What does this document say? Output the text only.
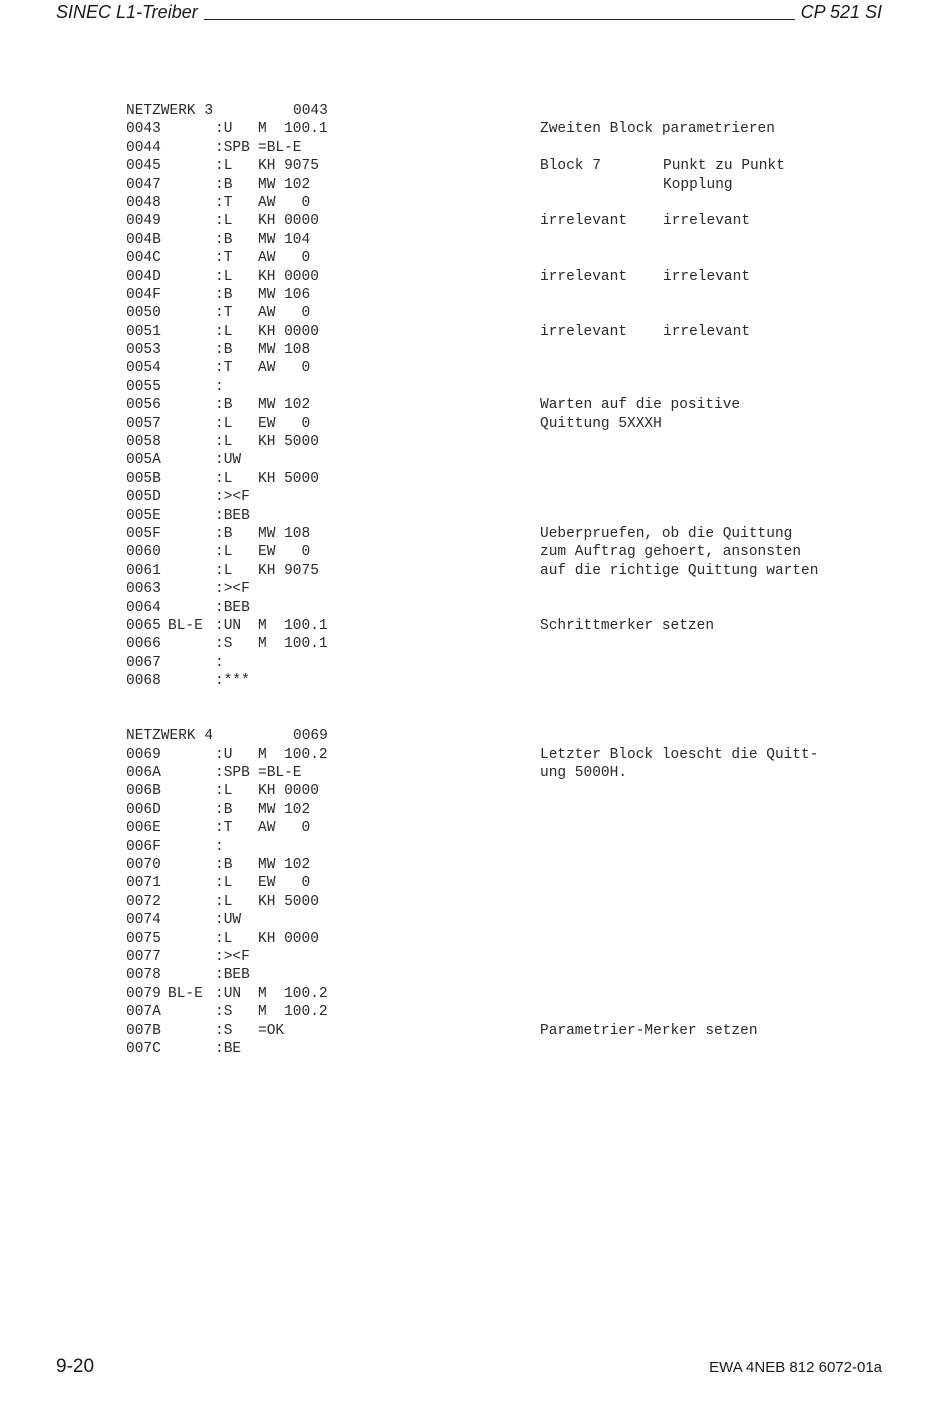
SINEC L1-Treiber	CP 521 SI
NETZWERK 3	0043
0043	:U M  100.1	Zweiten Block parametrieren
0044	:SPB =BL-E
0045	:L KH 9075	Block 7	Punkt zu Punkt
0047	:B MW 102	Kopplung
0048	:T AW   0
0049	:L KH 0000	irrelevant irrelevant
004B	:B MW 104
004C	:T AW   0
004D	:L KH 0000	irrelevant irrelevant
004F	:B MW 106
0050	:T AW   0
0051	:L KH 0000	irrelevant irrelevant
0053	:B MW 108
0054	:T AW   0
0055	:
0056	:B MW 102	Warten auf die positive
0057	:L EW   0	Quittung 5XXXH
0058	:L KH 5000
005A	:UW
005B	:L KH 5000
005D	:><F
005E	:BEB
005F	:B MW 108	Ueberpruefen, ob die Quittung
0060	:L EW   0	zum Auftrag gehoert, ansonsten
0061	:L KH 9075	auf die richtige Quittung warten
0063	:><F
0064	:BEB
0065 BL-E :UN M  100.1	Schrittmerker setzen
0066	:S M  100.1
0067	:
0068	:***
NETZWERK 4	0069
0069	:U M  100.2	Letzter Block loescht die Quitt-
006A	:SPB =BL-E	ung 5000H.
006B	:L KH 0000
006D	:B MW 102
006E	:T AW   0
006F	:
0070	:B MW 102
0071	:L EW   0
0072	:L KH 5000
0074	:UW
0075	:L KH 0000
0077	:><F
0078	:BEB
0079 BL-E :UN M  100.2
007A	:S M  100.2
007B	:S =OK	Parametrier-Merker setzen
007C	:BE
9-20	EWA 4NEB 812 6072-01a
